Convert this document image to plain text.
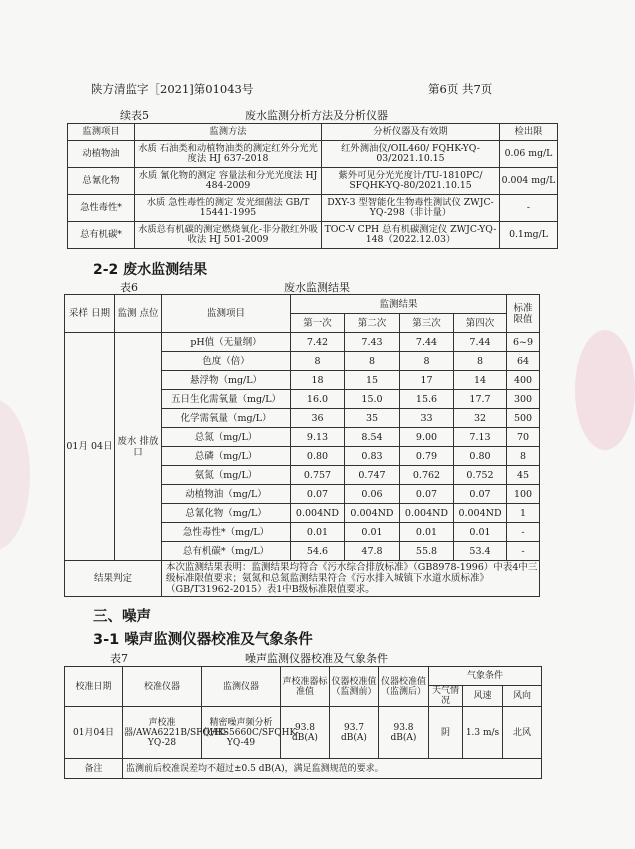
陕方清监字［2021]第01043号	第6页 共7页
续表5	废水监测分析方法及分析仪器
监测项目	监测方法	分析仪器及有效期	检出限
动植物油	水质 石油类和动植物油类的测定红外分光光度法 HJ 637-2018	红外测油仪/OIL460/ FQHK-YQ-03/2021.10.15	0.06 mg/L
总氰化物	水质 氰化物的测定 容量法和分光光度法 HJ 484-2009	紫外可见分光光度计/TU-1810PC/ SFQHK-YQ-80/2021.10.15	0.004 mg/L
急性毒性*	水质 急性毒性的测定 发光细菌法 GB/T 15441-1995	DXY-3 型智能化生物毒性测试仪 ZWJC-YQ-298（非计量）	-
总有机碳*	水质总有机碳的测定燃烧氧化-非分散红外吸收法 HJ 501-2009	TOC-V CPH 总有机碳测定仪 ZWJC-YQ-148（2022.12.03）	0.1mg/L
2-2 废水监测结果
表6	废水监测结果
采样 日期	监测 点位	监测项目	监测结果				标准 限值
			第一次	第二次	第三次	第四次	
01月 04日	废水 排放口	pH值（无量纲）	7.42	7.43	7.44	7.44	6~9
		色度（倍）	8	8	8	8	64
		悬浮物（mg/L）	18	15	17	14	400
		五日生化需氧量（mg/L）	16.0	15.0	15.6	17.7	300
		化学需氧量（mg/L）	36	35	33	32	500
		总氮（mg/L）	9.13	8.54	9.00	7.13	70
		总磷（mg/L）	0.80	0.83	0.79	0.80	8
		氨氮（mg/L）	0.757	0.747	0.762	0.752	45
		动植物油（mg/L）	0.07	0.06	0.07	0.07	100
		总氰化物（mg/L）	0.004ND	0.004ND	0.004ND	0.004ND	1
		急性毒性*（mg/L）	0.01	0.01	0.01	0.01	-
		总有机碳*（mg/L）	54.6	47.8	55.8	53.4	-
结果判定		本次监测结果表明：监测结果均符合《污水综合排放标准》（GB8978-1996）中表4中三级标准限值要求；氨氮和总氮监测结果符合《污水排入城镇下水道水质标准》（GB/T31962-2015）表1中B级标准限值要求。					
三、噪声
3-1 噪声监测仪器校准及气象条件
表7	噪声监测仪器校准及气象条件
校准日期	校准仪器	监测仪器	声校准器标准值	仪器校准值（监测前）	仪器校准值（监测后）	气象条件		
						天气情况	风速	风向
01月04日	声校准器/AWA6221B/SFQHK-YQ-28	精密噪声频分析仪/HS5660C/SFQHK-YQ-49	93.8 dB(A)	93.7 dB(A)	93.8 dB(A)	阴	1.3 m/s	北风
备注	监测前后校准误差均不超过±0.5 dB(A)，满足监测规范的要求。							
